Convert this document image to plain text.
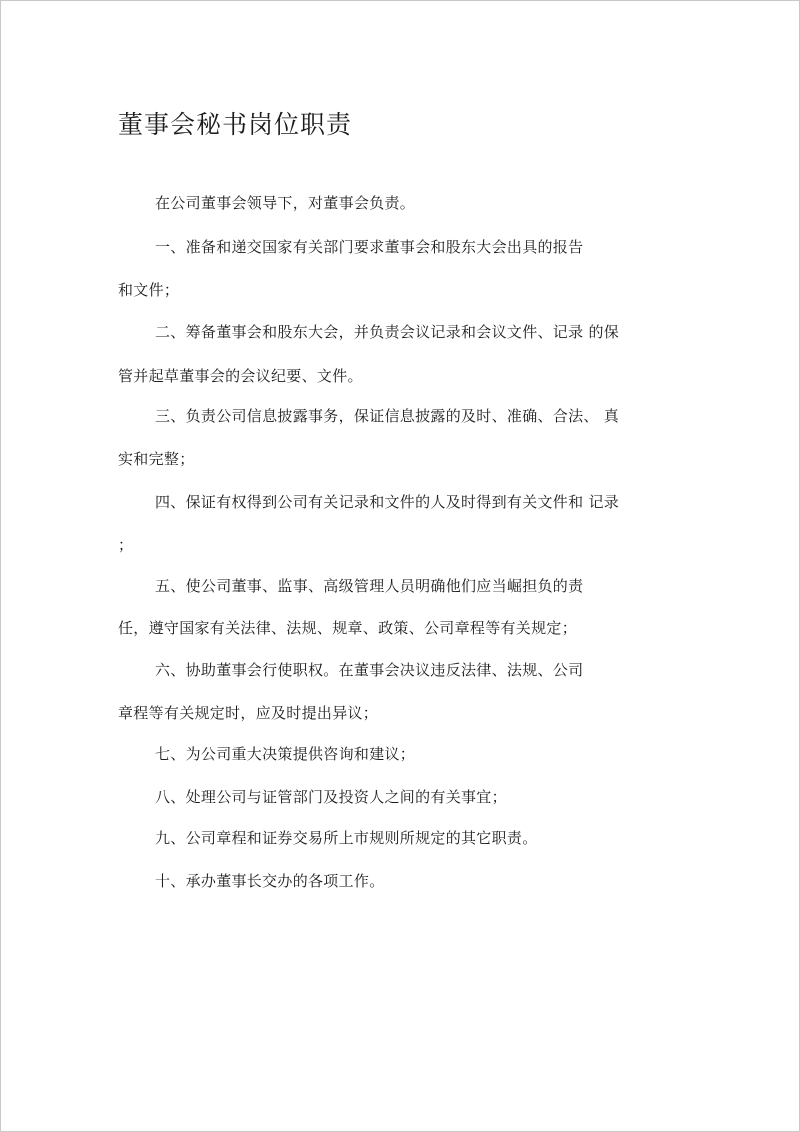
董事会秘书岗位职责
在公司董事会领导下，对董事会负责。
一、准备和递交国家有关部门要求董事会和股东大会出具的报告
和文件；
二、筹备董事会和股东大会，并负责会议记录和会议文件、记录 的保
管并起草董事会的会议纪要、文件。
三、负责公司信息披露事务，保证信息披露的及时、准确、合法、 真
实和完整；
四、保证有权得到公司有关记录和文件的人及时得到有关文件和 记录
；
五、使公司董事、监事、高级管理人员明确他们应当崛担负的责
任，遵守国家有关法律、法规、规章、政策、公司章程等有关规定；
六、协助董事会行使职权。在董事会决议违反法律、法规、公司
章程等有关规定时，应及时提出异议；
七、为公司重大决策提供咨询和建议；
八、处理公司与证管部门及投资人之间的有关事宜；
九、公司章程和证券交易所上市规则所规定的其它职责。
十、承办董事长交办的各项工作。
